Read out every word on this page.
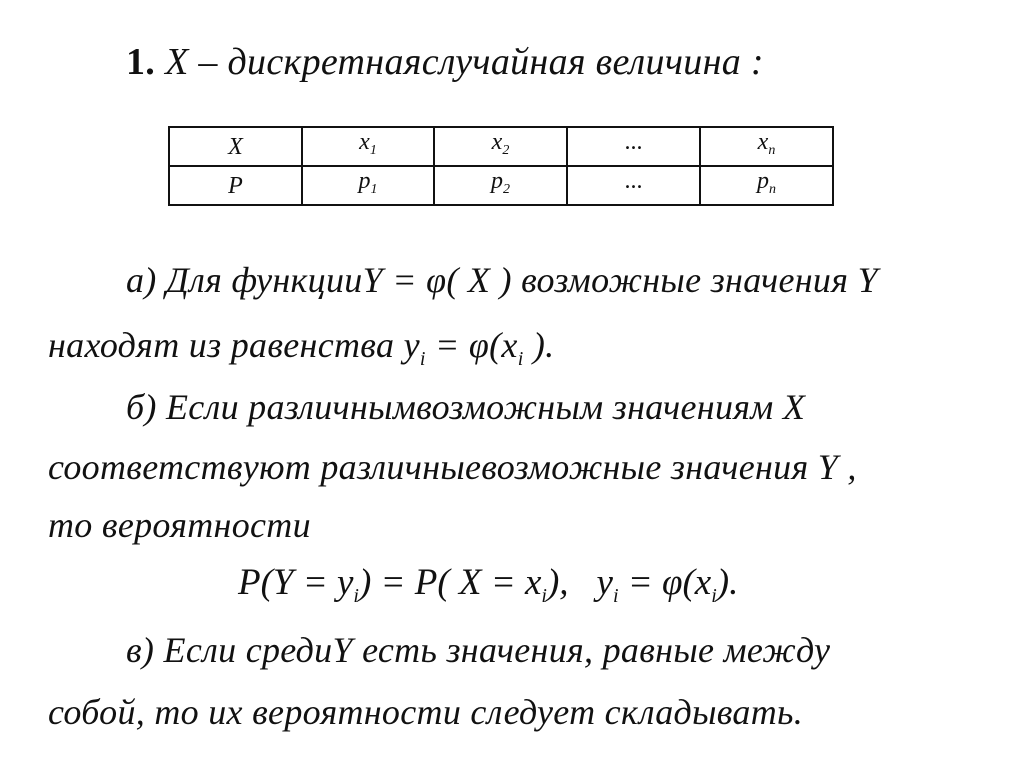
1. X – дискретнаяслучайная величина :
X	$x_1$	$x_2$	...	$x_n$
P	$p_1$	$p_2$	...	$p_n$
а) Для функцииY = φ( X ) возможные значения Y
находят из равенства $y_i = \varphi(x_i$ ).
б) Если различнымвозможным значениям X
соответствуют различныевозможные значения Y ,
то вероятности
$P(Y = y_i) = P$( $X = x_i$), $y_i = \varphi(x_i)$.
в) Если средиY есть значения, равные между
собой, то их вероятности следует складывать.
